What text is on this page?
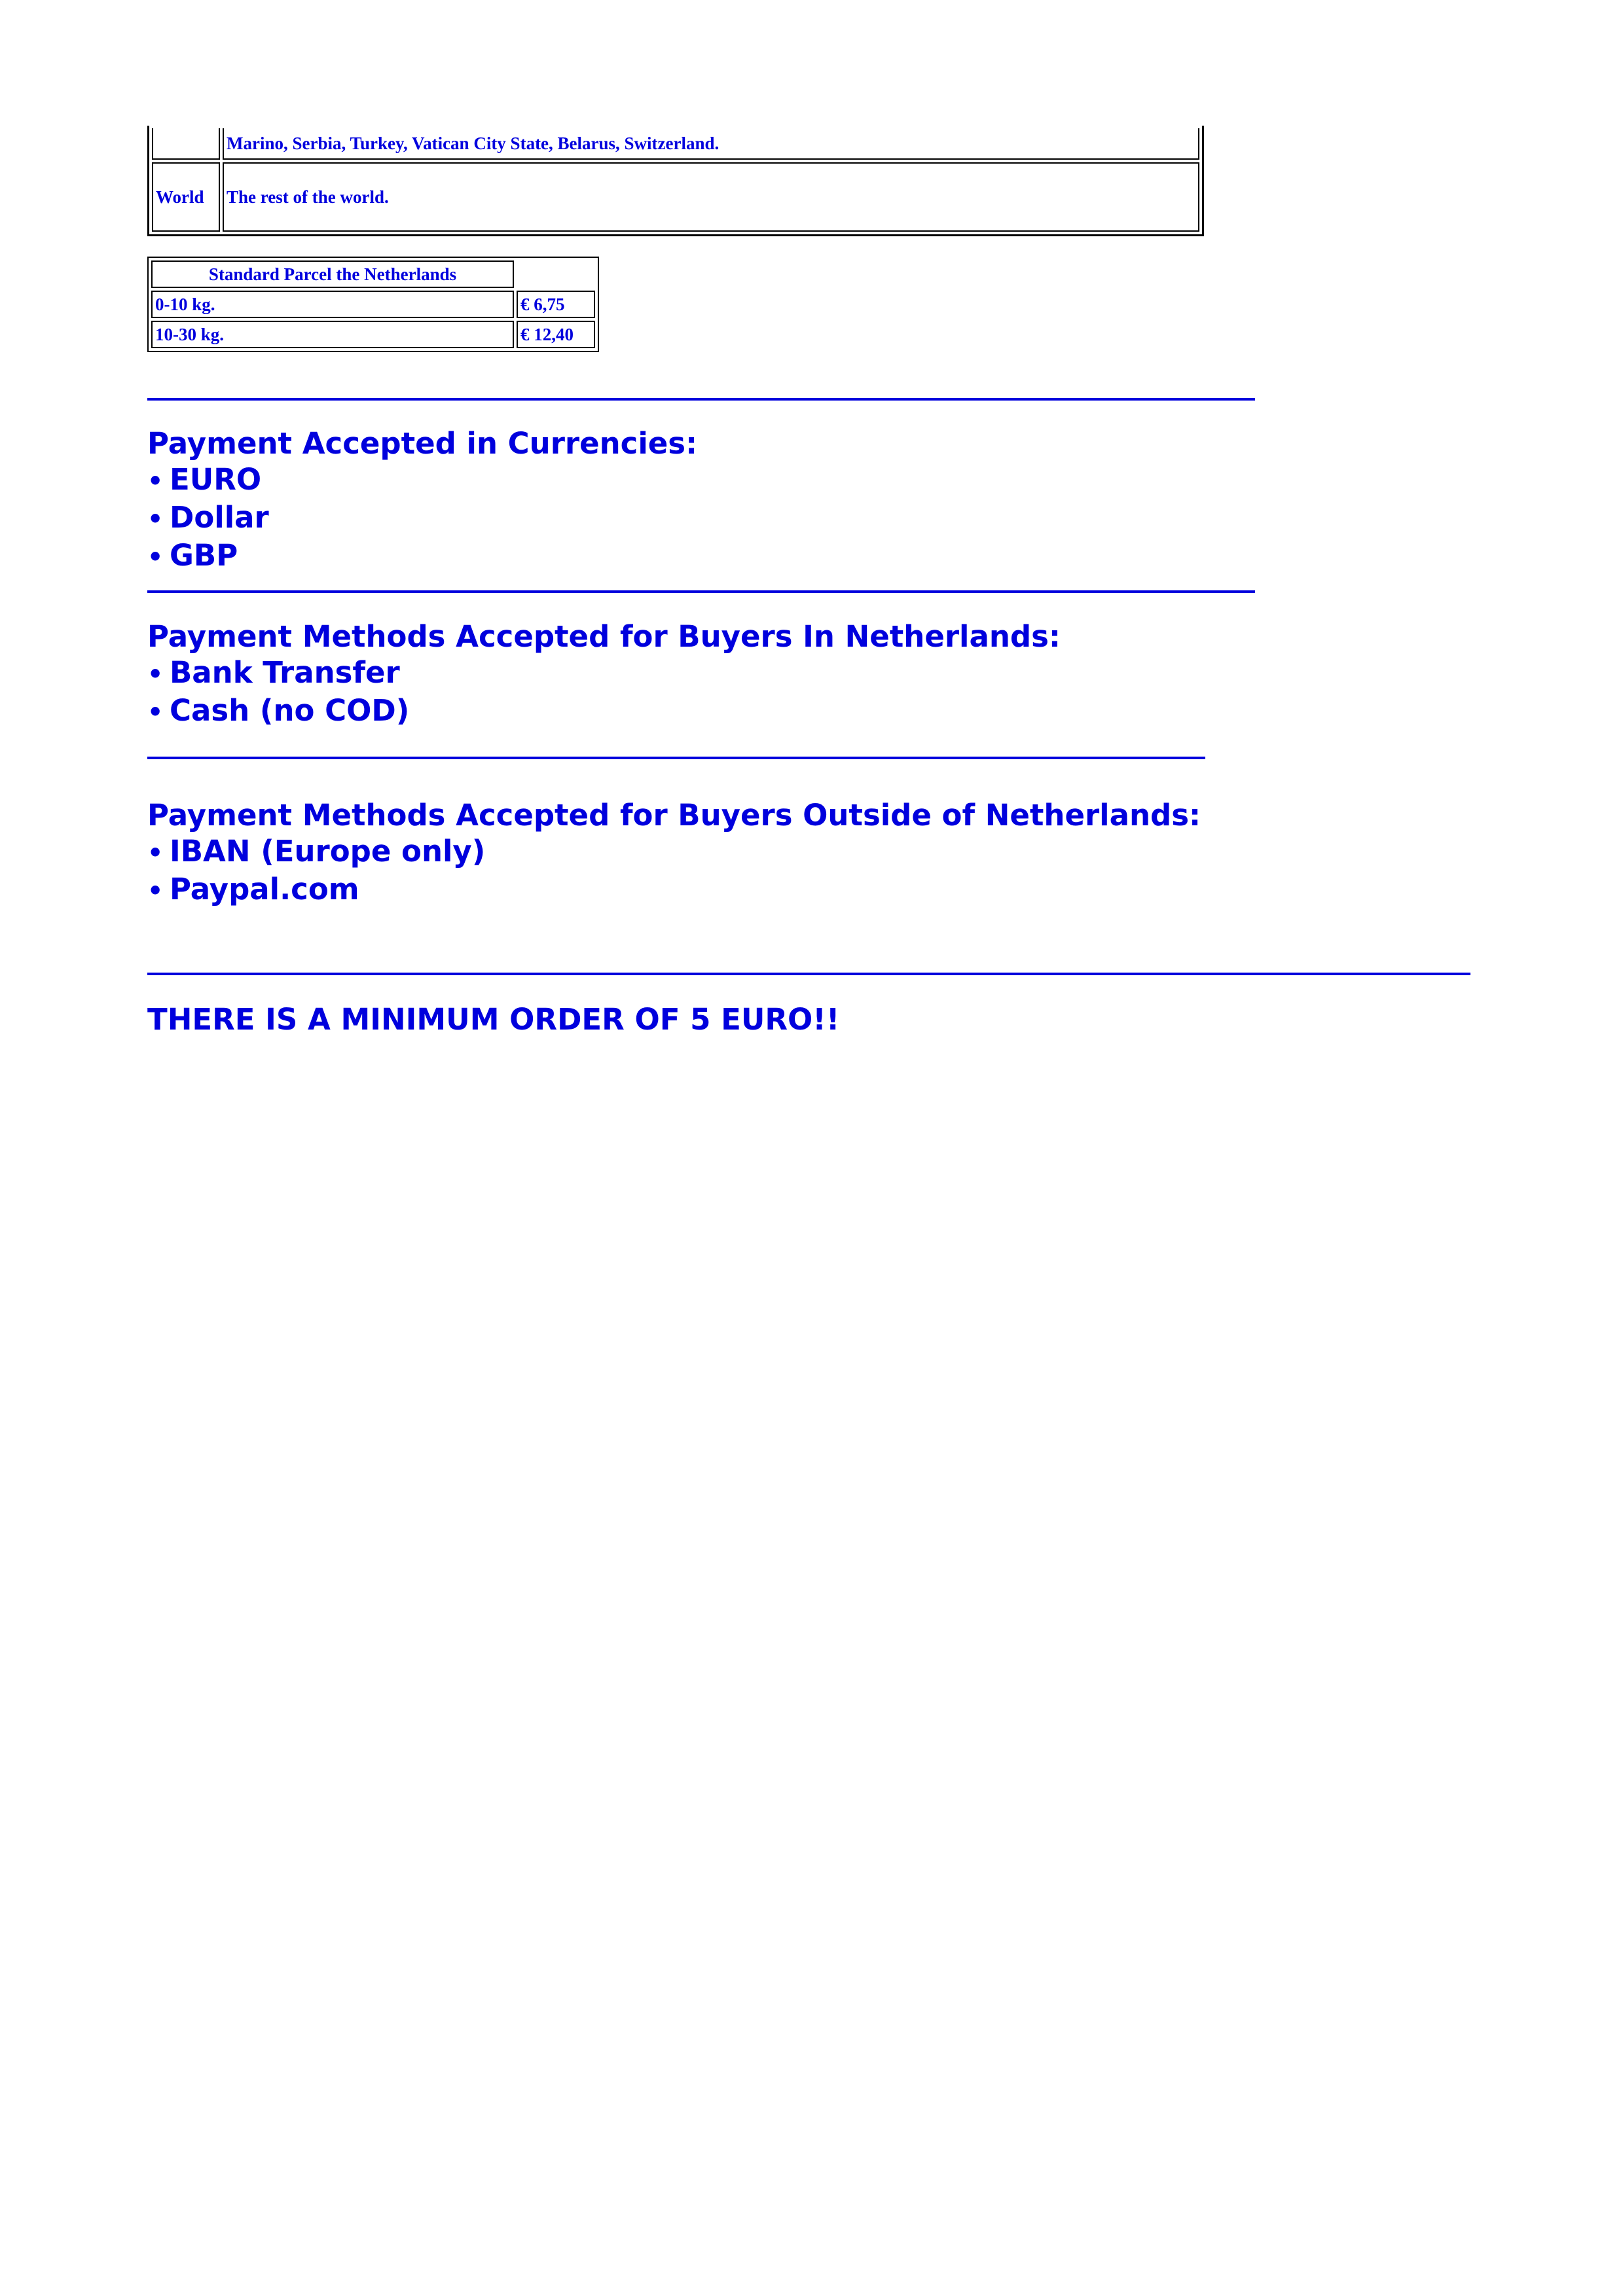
	Marino, Serbia, Turkey, Vatican City State, Belarus, Switzerland.
World	The rest of the world.
Standard Parcel the Netherlands	
0-10 kg.	€ 6,75
10-30 kg.	€ 12,40
Payment Accepted in Currencies:
• EURO
• Dollar
• GBP
Payment Methods Accepted for Buyers In Netherlands:
• Bank Transfer
• Cash (no COD)
Payment Methods Accepted for Buyers Outside of Netherlands:
• IBAN (Europe only)
• Paypal.com
THERE IS A MINIMUM ORDER OF 5 EURO!!
